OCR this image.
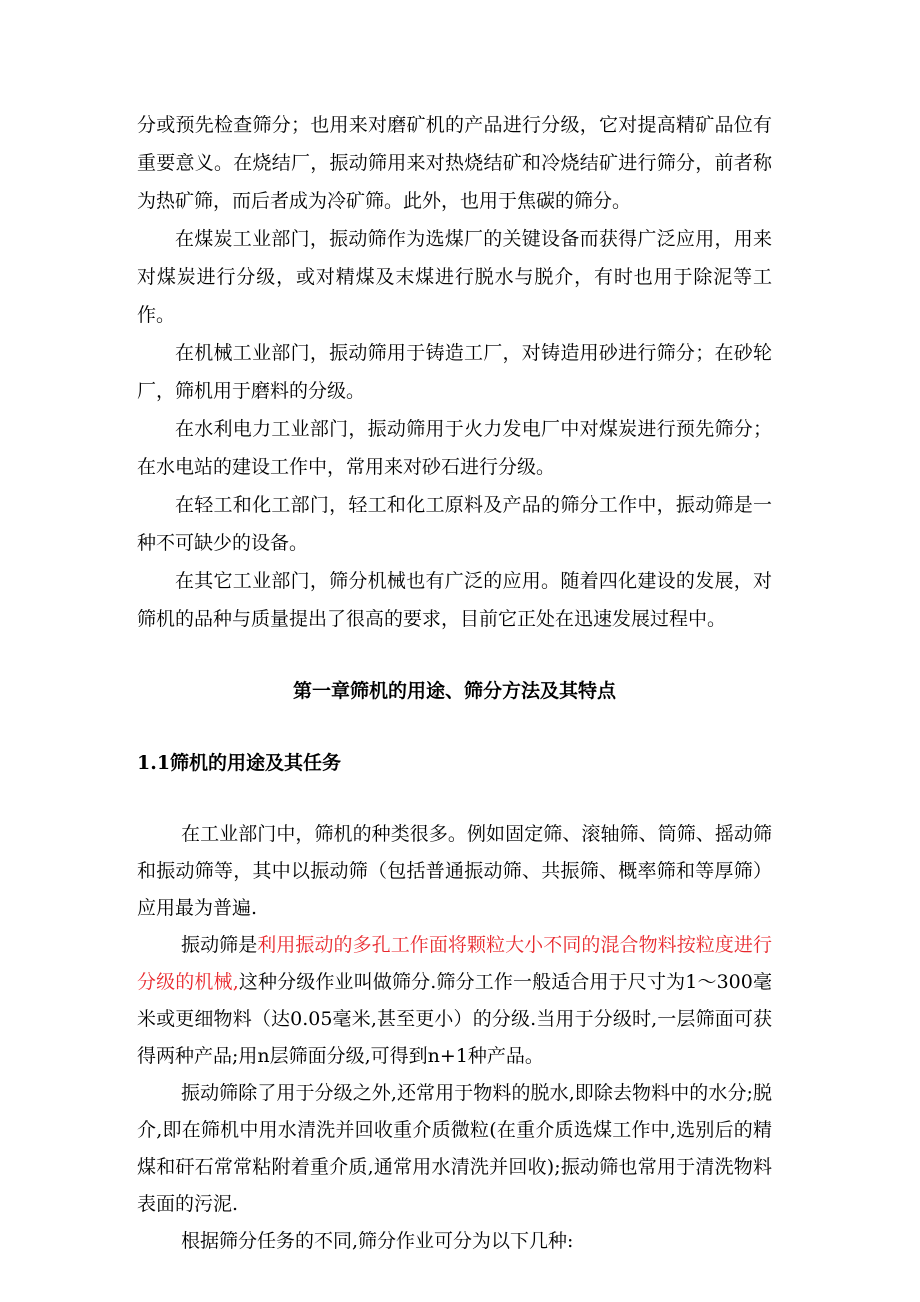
分或预先检查筛分；也用来对磨矿机的产品进行分级，它对提高精矿品位有重要意义。在烧结厂，振动筛用来对热烧结矿和冷烧结矿进行筛分，前者称为热矿筛，而后者成为冷矿筛。此外，也用于焦碳的筛分。

在煤炭工业部门，振动筛作为选煤厂的关键设备而获得广泛应用，用来对煤炭进行分级，或对精煤及末煤进行脱水与脱介，有时也用于除泥等工作。

在机械工业部门，振动筛用于铸造工厂，对铸造用砂进行筛分；在砂轮厂，筛机用于磨料的分级。

在水利电力工业部门，振动筛用于火力发电厂中对煤炭进行预先筛分；在水电站的建设工作中，常用来对砂石进行分级。

在轻工和化工部门，轻工和化工原料及产品的筛分工作中，振动筛是一种不可缺少的设备。

在其它工业部门，筛分机械也有广泛的应用。随着四化建设的发展，对筛机的品种与质量提出了很高的要求，目前它正处在迅速发展过程中。

第一章筛机的用途、筛分方法及其特点
1.1筛机的用途及其任务

在工业部门中，筛机的种类很多。例如固定筛、滚轴筛、筒筛、摇动筛和振动筛等，其中以振动筛（包括普通振动筛、共振筛、概率筛和等厚筛）应用最为普遍.

振动筛是利用振动的多孔工作面将颗粒大小不同的混合物料按粒度进行分级的机械,这种分级作业叫做筛分.筛分工作一般适合用于尺寸为1～300毫米或更细物料（达0.05毫米,甚至更小）的分级.当用于分级时,一层筛面可获得两种产品;用n层筛面分级,可得到n+1种产品。

振动筛除了用于分级之外,还常用于物料的脱水,即除去物料中的水分;脱介,即在筛机中用水清洗并回收重介质微粒(在重介质选煤工作中,选别后的精煤和矸石常常粘附着重介质,通常用水清洗并回收);振动筛也常用于清洗物料表面的污泥.

根据筛分任务的不同,筛分作业可分为以下几种:
